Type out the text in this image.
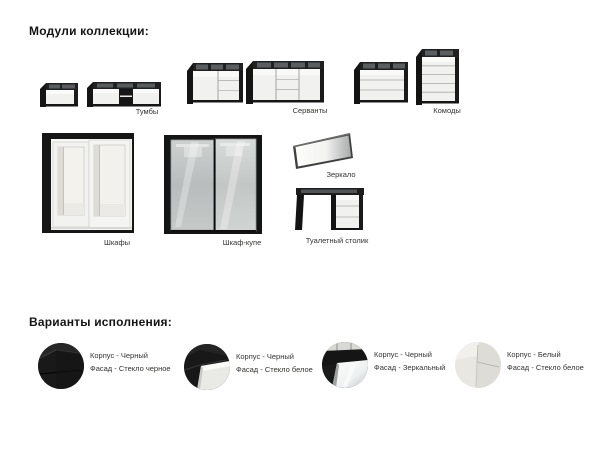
Модули коллекции:
Тумбы	Серванты	Комоды
Шкафы	Шкаф-купе
Зеркало
Туалетный столик
Варианты исполнения:
Корпус - Черный
Фасад - Стекло черное
Корпус - Черный
Фасад - Стекло белое
Корпус - Черный
Фасад - Зеркальный
Корпус - Белый
Фасад - Стекло белое
